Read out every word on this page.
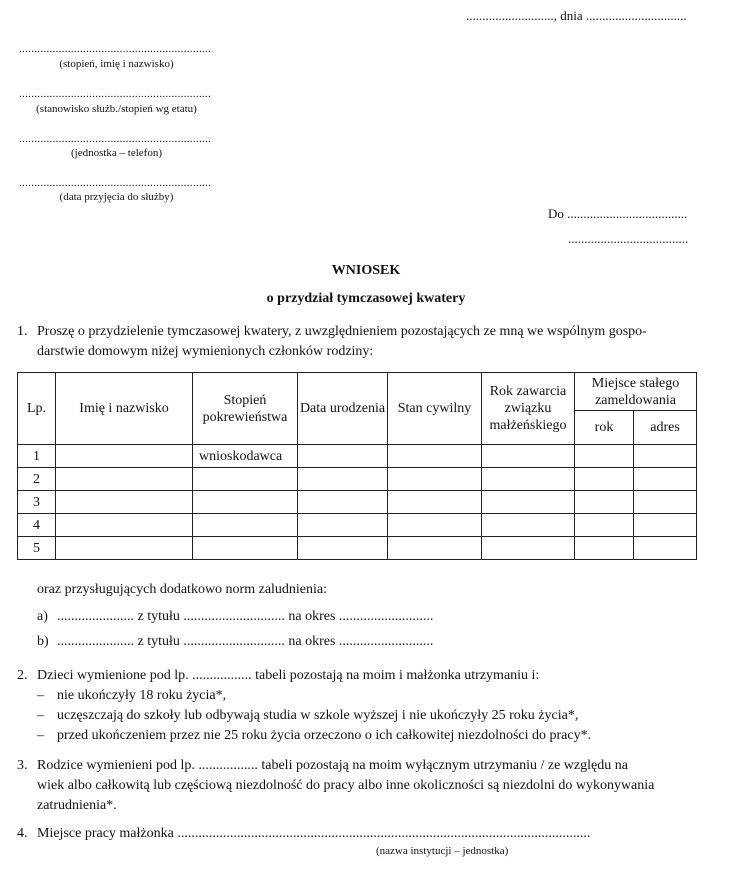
..........................., dnia ...............................
...............................................................
(stopień, imię i nazwisko)
...............................................................
(stanowisko służb./stopień wg etatu)
...............................................................
(jednostka – telefon)
...............................................................
(data przyjęcia do służby)
Do .....................................
.....................................
WNIOSEK
o przydział tymczasowej kwatery
1. Proszę o przydzielenie tymczasowej kwatery, z uwzględnieniem pozostających ze mną we wspólnym gospo-
darstwie domowym niżej wymienionych członków rodziny:
Lp.	Imię i nazwisko	Stopień pokrewieństwa	Data urodzenia	Stan cywilny	Rok zawarcia związku małżeńskiego	Miejsce stałego zameldowania	
						rok	adres
1		wnioskodawca					
2							
3							
4							
5							
oraz przysługujących dodatkowo norm zaludnienia:
a) ...................... z tytułu ............................. na okres ...........................
b) ...................... z tytułu ............................. na okres ...........................
2. Dzieci wymienione pod lp. ................. tabeli pozostają na moim i małżonka utrzymaniu i:
– nie ukończyły 18 roku życia*,
– uczęszczają do szkoły lub odbywają studia w szkole wyższej i nie ukończyły 25 roku życia*,
– przed ukończeniem przez nie 25 roku życia orzeczono o ich całkowitej niezdolności do pracy*.
3. Rodzice wymienieni pod lp. ................. tabeli pozostają na moim wyłącznym utrzymaniu / ze względu na
wiek albo całkowitą lub częściową niezdolność do pracy albo inne okoliczności są niezdolni do wykonywania
zatrudnienia*.
4. Miejsce pracy małżonka ......................................................................................................................
(nazwa instytucji – jednostka)
